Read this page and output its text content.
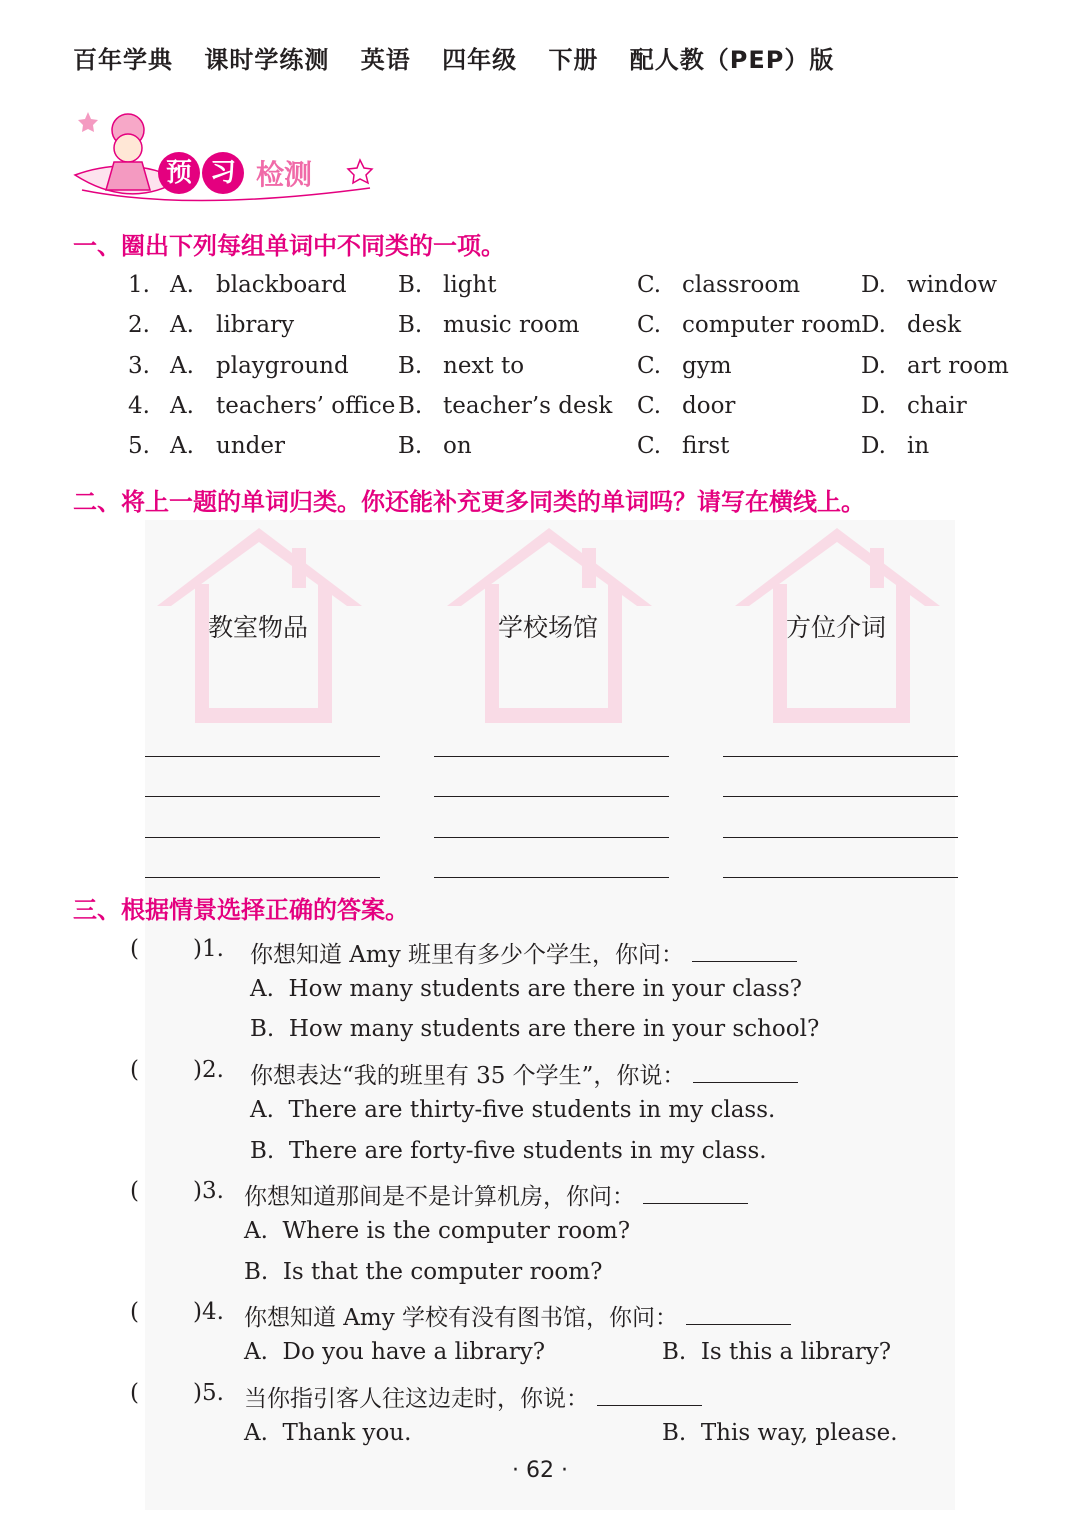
百年学典 课时学练测 英语 四年级 下册 配人教（PEP）版
预 习 检测
一、圈出下列每组单词中不同类的一项。
1. A. blackboard B. light	C. classroom	D. window
2. A. library	B. music room	C. computer room D. desk
3. A. playground B. next to	C. gym	D. art room
4. A. teachers’ office B. teacher’s desk C. door	D. chair
5. A. under	B. on	C. first	D. in
二、将上一题的单词归类。你还能补充更多同类的单词吗？请写在横线上。
教室物品	学校场馆	方位介词
三、根据情景选择正确的答案。
( )1. 你想知道 Amy 班里有多少个学生，你问：
A.  How many students are there in your class?
B.  How many students are there in your school?
( )2. 你想表达“我的班里有 35 个学生”，你说：
A.  There are thirty-five students in my class.
B.  There are forty-five students in my class.
( )3. 你想知道那间是不是计算机房，你问：
A.  Where is the computer room?
B.  Is that the computer room?
( )4. 你想知道 Amy 学校有没有图书馆，你问：
A.  Do you have a library?	B.  Is this a library?
( )5. 当你指引客人往这边走时，你说：
A.  Thank you.	B.  This way, please.
· 62 ·
